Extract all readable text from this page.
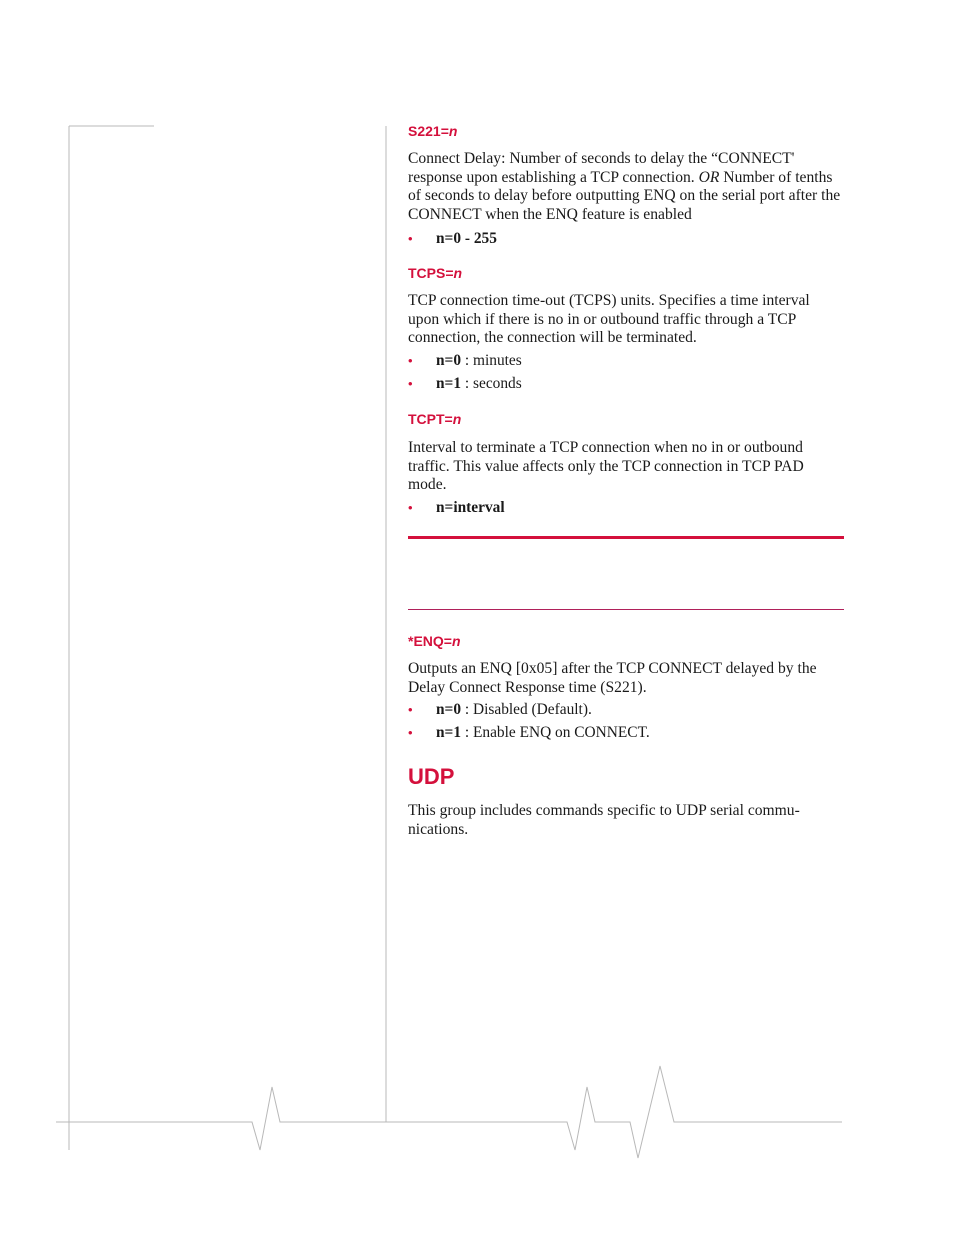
S221=n

Connect Delay: Number of seconds to delay the “CONNECT' response upon establishing a TCP connection. OR Number of tenths of seconds to delay before outputting ENQ on the serial port after the CONNECT when the ENQ feature is enabled

• n=0 - 255

TCPS=n

TCP connection time-out (TCPS) units. Specifies a time interval upon which if there is no in or outbound traffic through a TCP connection, the connection will be terminated.

• n=0 : minutes
• n=1 : seconds

TCPT=n

Interval to terminate a TCP connection when no in or outbound traffic. This value affects only the TCP connection in TCP PAD mode.

• n=interval

*ENQ=n

Outputs an ENQ [0x05] after the TCP CONNECT delayed by the Delay Connect Response time (S221).

• n=0 : Disabled (Default).
• n=1 : Enable ENQ on CONNECT.
UDP

This group includes commands specific to UDP serial commu-nications.
